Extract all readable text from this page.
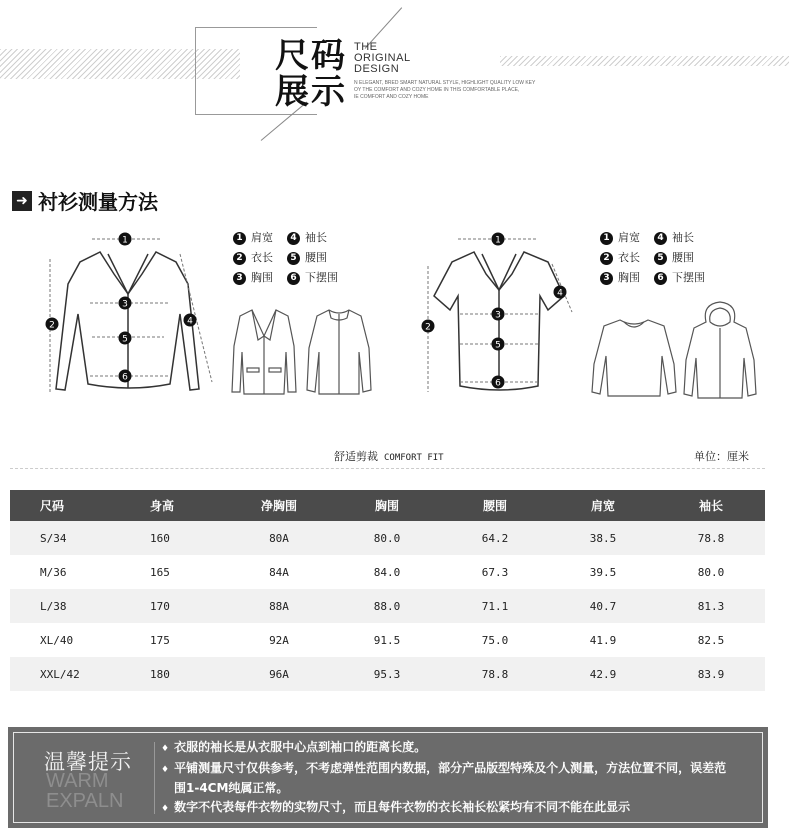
尺码
展示
THE
ORIGINAL
DESIGN
N ELEGANT, BRED SMART NATURAL STYLE, HIGHLIGHT QUALITY LOW KEY
OY THE COMFORT AND COZY HOME IN THIS COMFORTABLE PLACE,
IE COMFORT AND COZY HOME
➜ 衬衫测量方法
1
2
3
4
5
6
1 肩宽 4 袖长
2 衣长 5 腰围
3 胸围 6 下摆围
1
2
3
4
5
6
1 肩宽 4 袖长
2 衣长 5 腰围
3 胸围 6 下摆围
舒适剪裁 COMFORT FIT	单位：厘米
尺码	身高	净胸围	胸围	腰围	肩宽	袖长
S/34	160	80A	80.0	64.2	38.5	78.8
M/36	165	84A	84.0	67.3	39.5	80.0
L/38	170	88A	88.0	71.1	40.7	81.3
XL/40	175	92A	91.5	75.0	41.9	82.5
XXL/42	180	96A	95.3	78.8	42.9	83.9
温馨提示
WARM
EXPALN
♦ 衣服的袖长是从衣服中心点到袖口的距离长度。
♦ 平铺测量尺寸仅供参考，不考虑弹性范围内数据，部分产品版型特殊及个人测量，方法位置不同，误差范围1-4CM纯属正常。
♦ 数字不代表每件衣物的实物尺寸，而且每件衣物的衣长袖长松紧均有不同不能在此显示
